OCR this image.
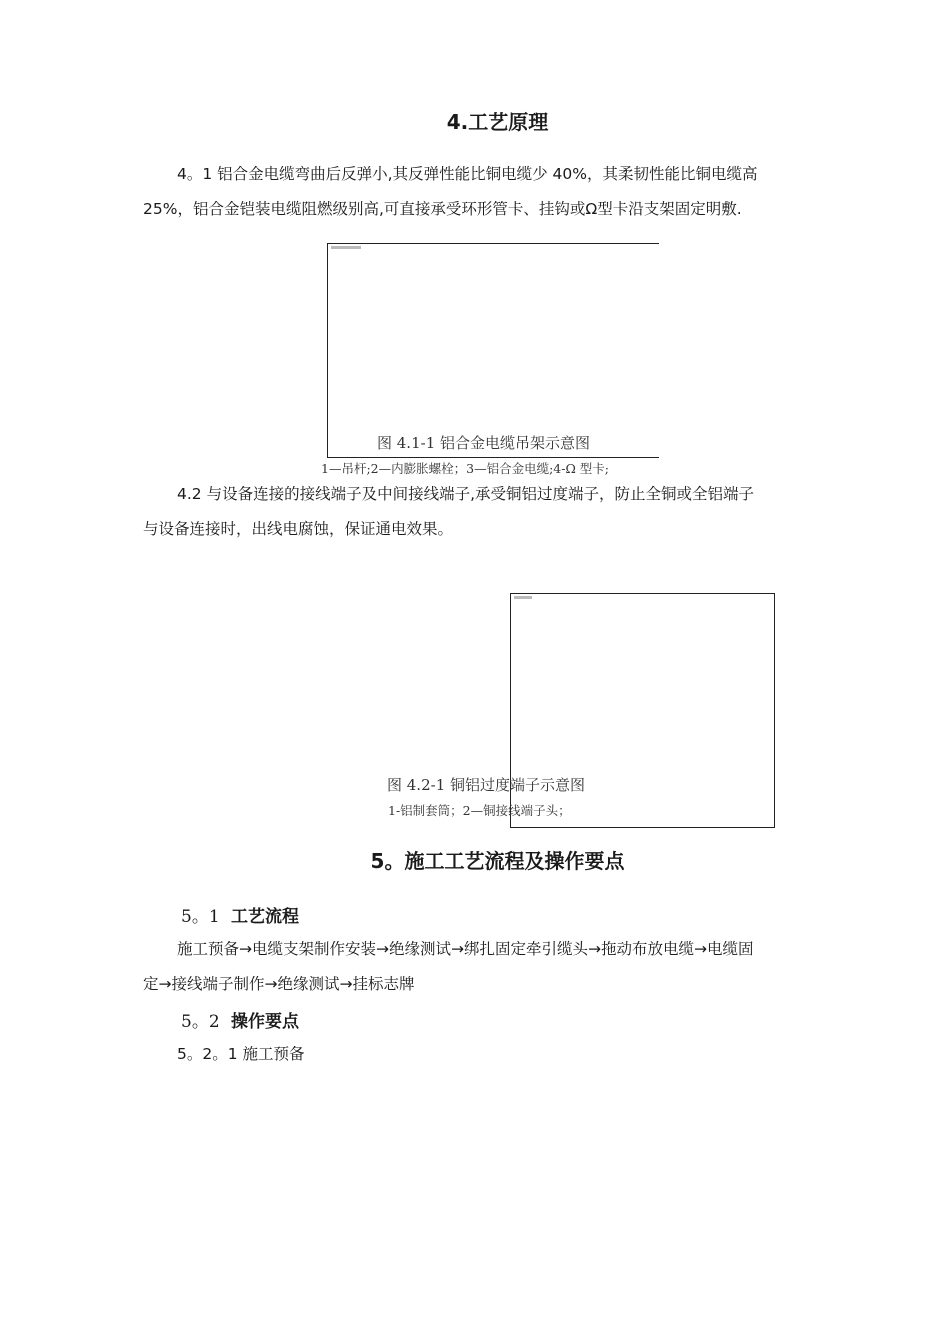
4.工艺原理
4。1 铝合金电缆弯曲后反弹小,其反弹性能比铜电缆少 40%，其柔韧性能比铜电缆高
25%，铝合金铠装电缆阻燃级别高,可直接承受环形管卡、挂钩或Ω型卡沿支架固定明敷.
图 4.1-1 铝合金电缆吊架示意图
1—吊杆;2—内膨胀螺栓；3—铝合金电缆;4-Ω 型卡;
4.2 与设备连接的接线端子及中间接线端子,承受铜铝过度端子，防止全铜或全铝端子
与设备连接时，出线电腐蚀，保证通电效果。
图 4.2-1 铜铝过度端子示意图
1-铝制套筒；2—铜接线端子头；
5。施工工艺流程及操作要点
5。1 工艺流程
施工预备→电缆支架制作安装→绝缘测试→绑扎固定牵引缆头→拖动布放电缆→电缆固
定→接线端子制作→绝缘测试→挂标志牌
5。2 操作要点
5。2。1 施工预备
